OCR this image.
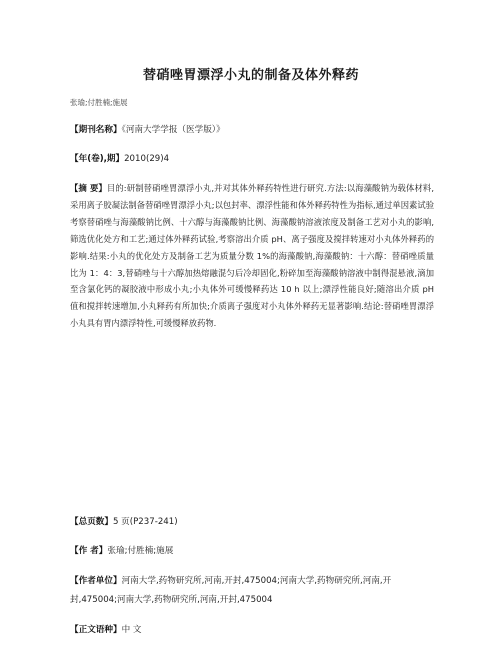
替硝唑胃漂浮小丸的制备及体外释药
张瑜;付胜楠;施展
【期刊名称】《河南大学学报（医学版）》
【年(卷),期】2010(29)4
【摘 要】目的:研制替硝唑胃漂浮小丸,并对其体外释药特性进行研究.方法:以海藻酸钠为载体材料,采用离子胶凝法制备替硝唑胃漂浮小丸;以包封率、漂浮性能和体外释药特性为指标,通过单因素试验考察替硝唑与海藻酸钠比例、十六醇与海藻酸钠比例、海藻酸钠溶液浓度及制备工艺对小丸的影响,筛选优化处方和工艺;通过体外释药试验,考察溶出介质 pH、离子强度及搅拌转速对小丸体外释药的影响.结果:小丸的优化处方及制备工艺为质量分数 1%的海藻酸钠,海藻酸钠：十六醇：替硝唑质量比为 1：4：3,替硝唑与十六醇加热熔融混匀后冷却固化,粉碎加至海藻酸钠溶液中制得混悬液,滴加至含氯化钙的凝胶液中形成小丸;小丸体外可缓慢释药达 10 h 以上;漂浮性能良好;随溶出介质 pH 值和搅拌转速增加,小丸释药有所加快;介质离子强度对小丸体外释药无显著影响.结论:替硝唑胃漂浮小丸具有胃内漂浮特性,可缓慢释放药物.
【总页数】5 页(P237-241)
【作 者】张瑜;付胜楠;施展
【作者单位】河南大学,药物研究所,河南,开封,475004;河南大学,药物研究所,河南,开封,475004;河南大学,药物研究所,河南,开封,475004
【正文语种】中 文
